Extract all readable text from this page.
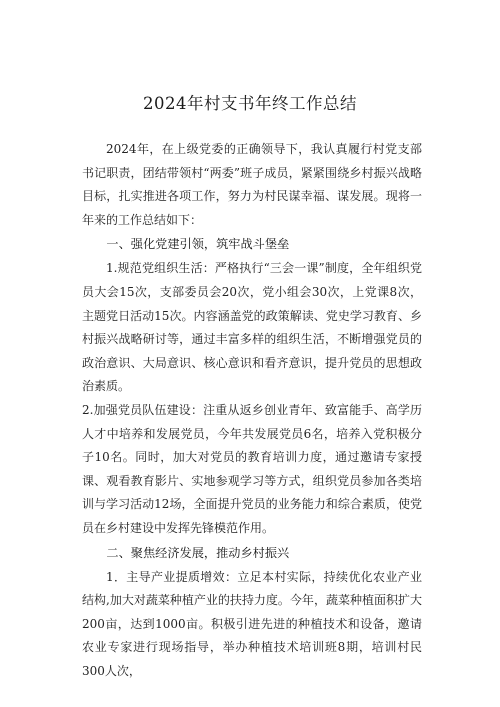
2024年村支书年终工作总结

2024年，在上级党委的正确领导下，我认真履行村党支部书记职责，团结带领村“两委”班子成员，紧紧围绕乡村振兴战略目标，扎实推进各项工作，努力为村民谋幸福、谋发展。现将一年来的工作总结如下：

一、强化党建引领，筑牢战斗堡垒

1.规范党组织生活：严格执行“三会一课”制度，全年组织党员大会15次，支部委员会20次，党小组会30次，上党课8次，主题党日活动15次。内容涵盖党的政策解读、党史学习教育、乡村振兴战略研讨等，通过丰富多样的组织生活，不断增强党员的政治意识、大局意识、核心意识和看齐意识，提升党员的思想政治素质。

2.加强党员队伍建设：注重从返乡创业青年、致富能手、高学历人才中培养和发展党员，今年共发展党员6名，培养入党积极分子10名。同时，加大对党员的教育培训力度，通过邀请专家授课、观看教育影片、实地参观学习等方式，组织党员参加各类培训与学习活动12场，全面提升党员的业务能力和综合素质，使党员在乡村建设中发挥先锋模范作用。

二、聚焦经济发展，推动乡村振兴

1．主导产业提质增效：立足本村实际，持续优化农业产业结构,加大对蔬菜种植产业的扶持力度。今年，蔬菜种植面积扩大200亩，达到1000亩。积极引进先进的种植技术和设备，邀请农业专家进行现场指导，举办种植技术培训班8期，培训村民300人次，
